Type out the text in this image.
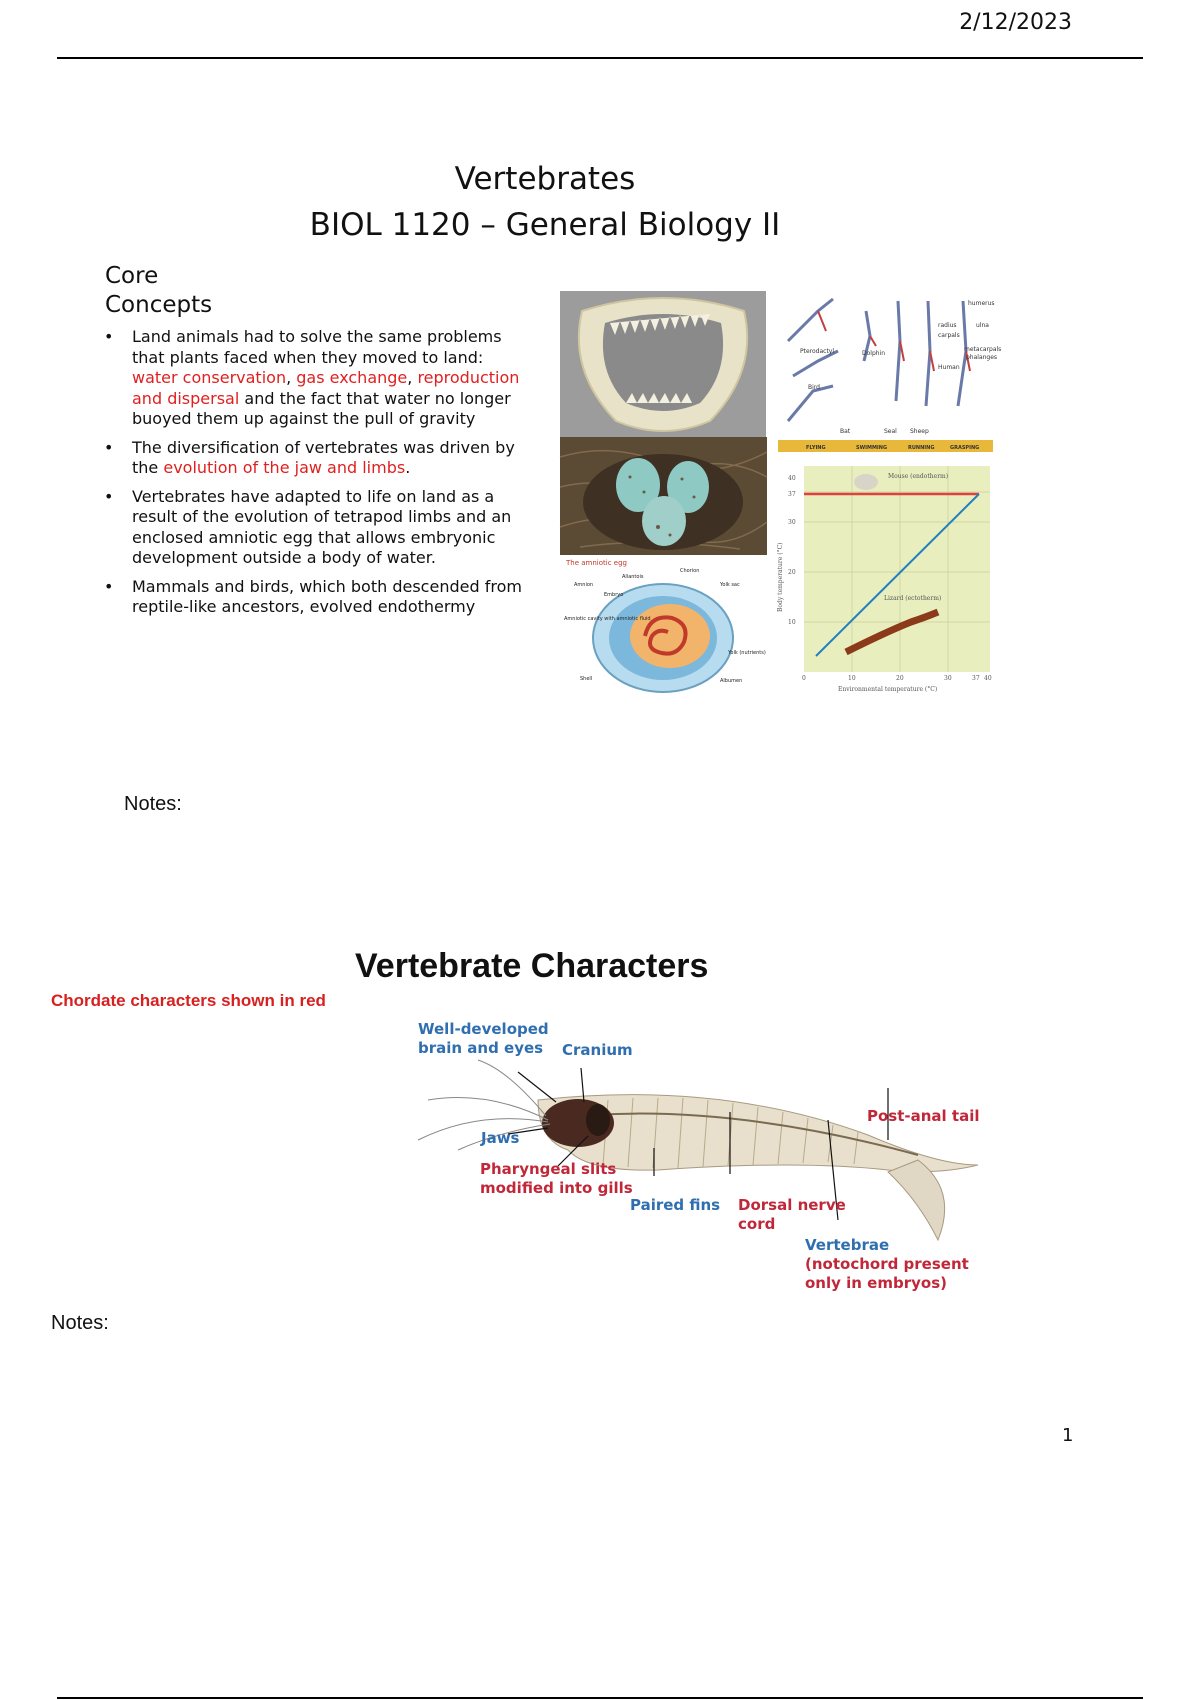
2/12/2023
Vertebrates
BIOL 1120 – General Biology II
Core Concepts
• Land animals had to solve the same problems that plants faced when they moved to land: water conservation, gas exchange, reproduction and dispersal and the fact that water no longer buoyed them up against the pull of gravity
• The diversification of vertebrates was driven by the evolution of the jaw and limbs.
• Vertebrates have adapted to life on land as a result of the evolution of tetrapod limbs and an enclosed amniotic egg that allows embryonic development outside a body of water.
• Mammals and birds, which both descended from reptile-like ancestors, evolved endothermy
Pterodactyl	Dolphin
Bird
Bat	Seal Sheep
Human
humerus
radius	ulna
carpals
metacarpals
phalanges
FLYING	SWIMMING	RUNNING	GRASPING
The amniotic egg
Amnion
Allantois
Chorion
Yolk sac
Embryo
Amniotic cavity with amniotic fluid
Yolk (nutrients)
Albumen
Shell
Mouse (endotherm)
Lizard (ectotherm)
40
37
30
20
10
0	10	20	30	37 40
Environmental temperature (°C)
Body temperature (°C)
Notes:
Vertebrate Characters
Chordate characters shown in red
Well-developed brain and eyes	Cranium
Jaws
Pharyngeal slits modified into gills
Paired fins Dorsal nerve cord
Vertebrae
(notochord present only in embryos)
Post-anal tail
Notes:
1
